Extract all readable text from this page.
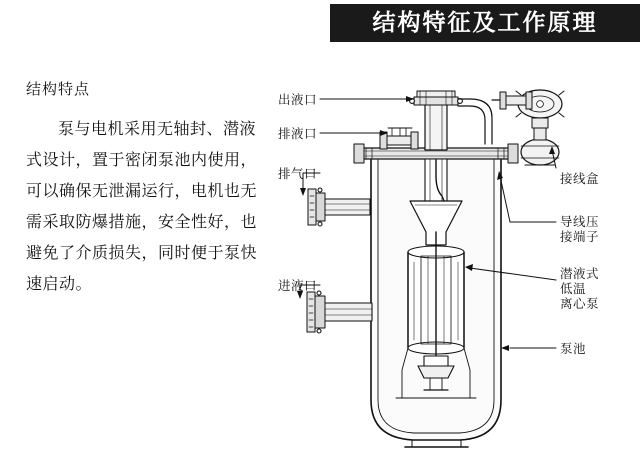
结构特征及工作原理
结构特点
泵与电机采用无轴封、潜液式设计，置于密闭泵池内使用，可以确保无泄漏运行，电机也无需采取防爆措施，安全性好，也避免了介质损失，同时便于泵快速启动。
出液口
排液口
排气口
进液口
接线盒
导线压
接端子
潜液式
低温
离心泵
泵池
